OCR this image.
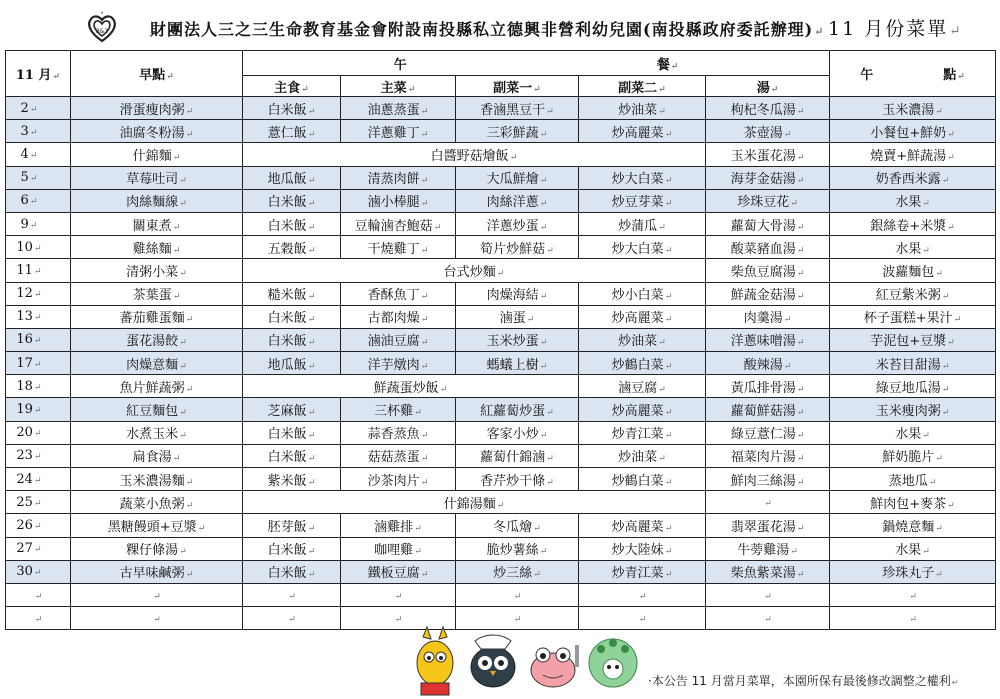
3&3	財團法人三之三生命教育基金會附設南投縣私立德興非營利幼兒園(南投縣政府委託辦理)↵ 11 月份菜單↵
11 月↵	早點↵	午 餐↵					午 點↵
		主食↵	主菜↵	副菜一↵	副菜二↵	湯↵	
2↵	滑蛋瘦肉粥↵	白米飯↵	油蔥蒸蛋↵	香滷黑豆干↵	炒油菜↵	枸杞冬瓜湯↵	玉米濃湯↵
3↵	油腐冬粉湯↵	薏仁飯↵	洋蔥雞丁↵	三彩鮮蔬↵	炒高麗菜↵	茶壺湯↵	小餐包+鮮奶↵
4↵	什錦麵↵	白醬野菇燴飯↵				玉米蛋花湯↵	燒賣+鮮蔬湯↵
5↵	草莓吐司↵	地瓜飯↵	清蒸肉餅↵	大瓜鮮燴↵	炒大白菜↵	海芽金菇湯↵	奶香西米露↵
6↵	肉絲麵線↵	白米飯↵	滷小棒腿↵	肉絲洋蔥↵	炒豆芽菜↵	珍珠豆花↵	水果↵
9↵	關東煮↵	白米飯↵	豆輪滷杏鮑菇↵	洋蔥炒蛋↵	炒蒲瓜↵	蘿蔔大骨湯↵	銀絲卷+米漿↵
10↵	雞絲麵↵	五穀飯↵	干燒雞丁↵	筍片炒鮮菇↵	炒大白菜↵	酸菜豬血湯↵	水果↵
11↵	清粥小菜↵	台式炒麵↵				柴魚豆腐湯↵	波蘿麵包↵
12↵	茶葉蛋↵	糙米飯↵	香酥魚丁↵	肉燥海結↵	炒小白菜↵	鮮蔬金菇湯↵	紅豆紫米粥↵
13↵	蕃茄雞蛋麵↵	白米飯↵	古都肉燥↵	滷蛋↵	炒高麗菜↵	肉羹湯↵	杯子蛋糕+果汁↵
16↵	蛋花湯餃↵	白米飯↵	滷油豆腐↵	玉米炒蛋↵	炒油菜↵	洋蔥味噌湯↵	芋泥包+豆漿↵
17↵	肉燥意麵↵	地瓜飯↵	洋芋燉肉↵	螞蟻上樹↵	炒鶴白菜↵	酸辣湯↵	米苔目甜湯↵
18↵	魚片鮮蔬粥↵	鮮蔬蛋炒飯↵			滷豆腐↵	黃瓜排骨湯↵	綠豆地瓜湯↵
19↵	紅豆麵包↵	芝麻飯↵	三杯雞↵	紅蘿蔔炒蛋↵	炒高麗菜↵	蘿蔔鮮菇湯↵	玉米瘦肉粥↵
20↵	水煮玉米↵	白米飯↵	蒜香蒸魚↵	客家小炒↵	炒青江菜↵	綠豆薏仁湯↵	水果↵
23↵	扁食湯↵	白米飯↵	菇菇蒸蛋↵	蘿蔔什錦滷↵	炒油菜↵	福菜肉片湯↵	鮮奶脆片↵
24↵	玉米濃湯麵↵	紫米飯↵	沙茶肉片↵	香芹炒干條↵	炒鶴白菜↵	鮮肉三絲湯↵	蒸地瓜↵
25↵	蔬菜小魚粥↵	什錦湯麵↵				↵	鮮肉包+麥茶↵
26↵	黑糖饅頭+豆漿↵	胚芽飯↵	滷雞排↵	冬瓜燴↵	炒高麗菜↵	翡翠蛋花湯↵	鍋燒意麵↵
27↵	粿仔條湯↵	白米飯↵	咖哩雞↵	脆炒薯絲↵	炒大陸妹↵	牛蒡雞湯↵	水果↵
30↵	古早味鹹粥↵	白米飯↵	鐵板豆腐↵	炒三絲↵	炒青江菜↵	柴魚紫菜湯↵	珍珠丸子↵
↵	↵	↵	↵	↵	↵	↵	↵
↵	↵	↵	↵	↵	↵	↵	↵
·本公告 11 月當月菜單，本園所保有最後修改調整之權利↵
